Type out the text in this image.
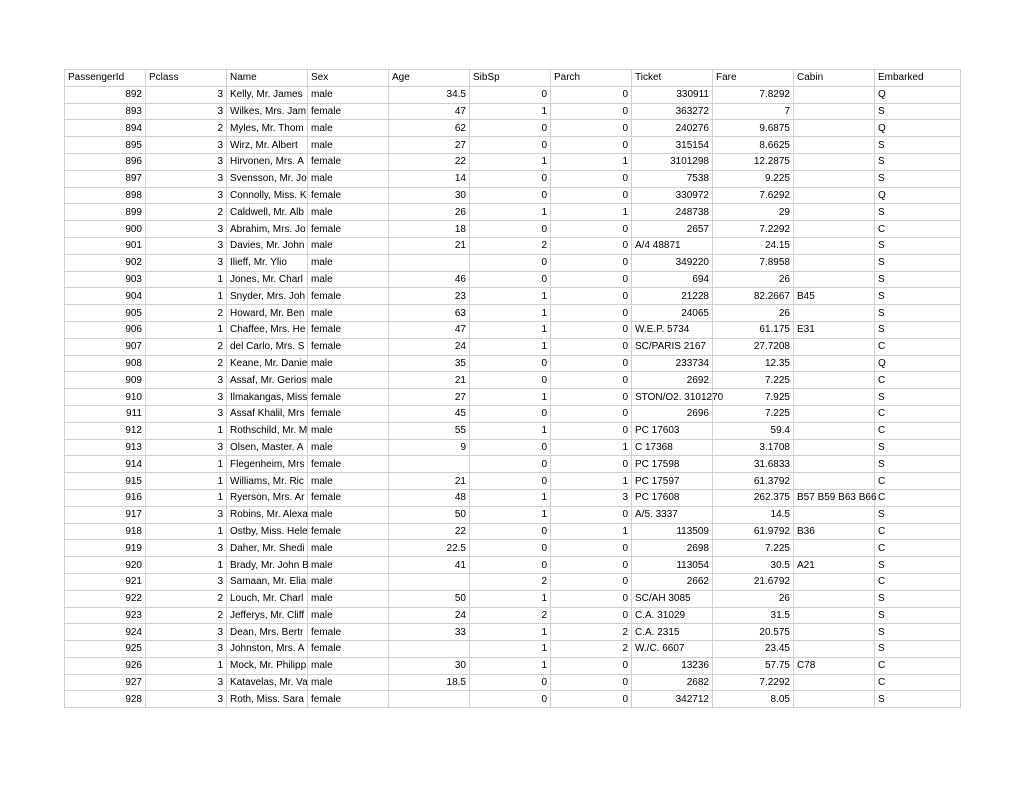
PassengerId	Pclass	Name	Sex	Age	SibSp	Parch	Ticket	Fare	Cabin	Embarked
892	3	Kelly, Mr. James	male	34.5	0	0	330911	7.8292		Q
893	3	Wilkes, Mrs. Jam	female	47	1	0	363272	7		S
894	2	Myles, Mr. Thom	male	62	0	0	240276	9.6875		Q
895	3	Wirz, Mr. Albert	male	27	0	0	315154	8.6625		S
896	3	Hirvonen, Mrs. A	female	22	1	1	3101298	12.2875		S
897	3	Svensson, Mr. Jo	male	14	0	0	7538	9.225		S
898	3	Connolly, Miss. K	female	30	0	0	330972	7.6292		Q
899	2	Caldwell, Mr. Alb	male	26	1	1	248738	29		S
900	3	Abrahim, Mrs. Jo	female	18	0	0	2657	7.2292		C
901	3	Davies, Mr. John	male	21	2	0	A/4 48871	24.15		S
902	3	Ilieff, Mr. Ylio	male		0	0	349220	7.8958		S
903	1	Jones, Mr. Charl	male	46	0	0	694	26		S
904	1	Snyder, Mrs. Joh	female	23	1	0	21228	82.2667	B45	S
905	2	Howard, Mr. Ben	male	63	1	0	24065	26		S
906	1	Chaffee, Mrs. He	female	47	1	0	W.E.P. 5734	61.175	E31	S
907	2	del Carlo, Mrs. S	female	24	1	0	SC/PARIS 2167	27.7208		C
908	2	Keane, Mr. Danie	male	35	0	0	233734	12.35		Q
909	3	Assaf, Mr. Gerios	male	21	0	0	2692	7.225		C
910	3	Ilmakangas, Miss	female	27	1	0	STON/O2. 3101270	7.925		S
911	3	Assaf Khalil, Mrs	female	45	0	0	2696	7.225		C
912	1	Rothschild, Mr. M	male	55	1	0	PC 17603	59.4		C
913	3	Olsen, Master. A	male	9	0	1	C 17368	3.1708		S
914	1	Flegenheim, Mrs	female		0	0	PC 17598	31.6833		S
915	1	Williams, Mr. Ric	male	21	0	1	PC 17597	61.3792		C
916	1	Ryerson, Mrs. Ar	female	48	1	3	PC 17608	262.375	B57 B59 B63 B66	C
917	3	Robins, Mr. Alexa	male	50	1	0	A/5. 3337	14.5		S
918	1	Ostby, Miss. Hele	female	22	0	1	113509	61.9792	B36	C
919	3	Daher, Mr. Shedi	male	22.5	0	0	2698	7.225		C
920	1	Brady, Mr. John B	male	41	0	0	113054	30.5	A21	S
921	3	Samaan, Mr. Elia	male		2	0	2662	21.6792		C
922	2	Louch, Mr. Charl	male	50	1	0	SC/AH 3085	26		S
923	2	Jefferys, Mr. Cliff	male	24	2	0	C.A. 31029	31.5		S
924	3	Dean, Mrs. Bertr	female	33	1	2	C.A. 2315	20.575		S
925	3	Johnston, Mrs. A	female		1	2	W./C. 6607	23.45		S
926	1	Mock, Mr. Philipp	male	30	1	0	13236	57.75	C78	C
927	3	Katavelas, Mr. Va	male	18.5	0	0	2682	7.2292		C
928	3	Roth, Miss. Sara	female		0	0	342712	8.05		S
